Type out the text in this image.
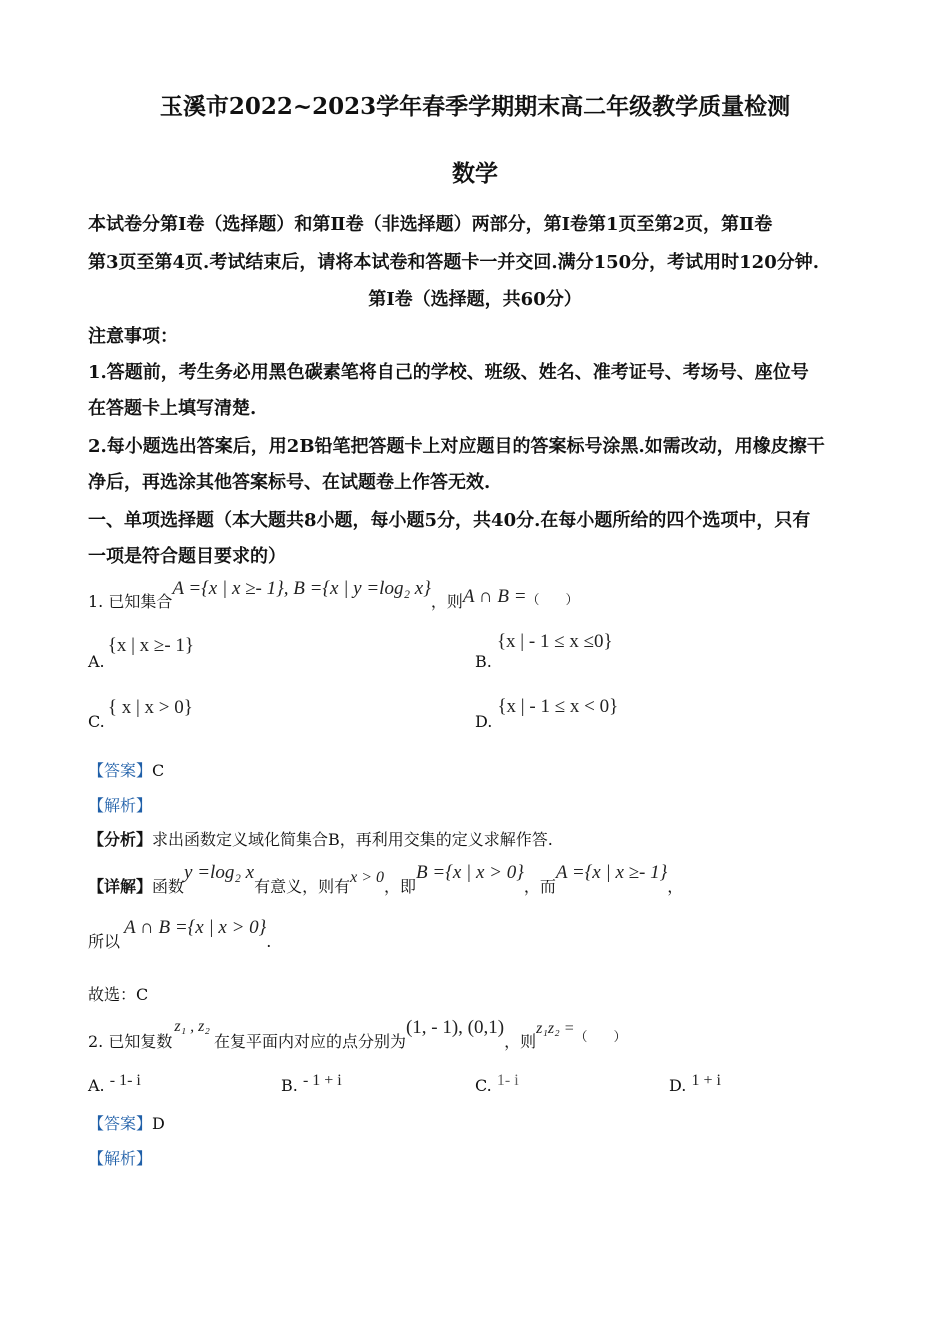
玉溪市2022~2023学年春季学期期末高二年级教学质量检测
数学
本试卷分第Ⅰ卷（选择题）和第Ⅱ卷（非选择题）两部分，第Ⅰ卷第1页至第2页，第Ⅱ卷
第3页至第4页.考试结束后，请将本试卷和答题卡一并交回.满分150分，考试用时120分钟.
第Ⅰ卷（选择题，共60分）
注意事项：
1.答题前，考生务必用黑色碳素笔将自己的学校、班级、姓名、准考证号、考场号、座位号
在答题卡上填写清楚.
2.每小题选出答案后，用2B铅笔把答题卡上对应题目的答案标号涂黑.如需改动，用橡皮擦干
净后，再选涂其他答案标号、在试题卷上作答无效.
一、单项选择题（本大题共8小题，每小题5分，共40分.在每小题所给的四个选项中，只有
一项是符合题目要求的）
1. 已知集合A ={x | x ≥- 1}, B ={x | y =log₂ x}，则A ∩ $B =_{( )}$
A. {x | x ≥- 1}
B. {x | - 1 ≤ x ≤0}
C. { x | x > 0}
D. {x | - 1 ≤ x < 0}
【答案】C
【解析】
【分析】求出函数定义域化简集合B，再利用交集的定义求解作答.
【详解】函数y =log₂ x有意义，则有x > 0，即B ={x | x > 0}，而A ={x | x ≥- 1}，
所以A ∩ B ={x | x > 0}.
故选：C
2. 已知复数z₁ , z₂在复平面内对应的点分别为(1, - 1), (0,1)，则$z_1z_2 =_{( )}$
A. - 1- i	B. - 1 + i	C. 1- i	D. 1 + i
【答案】D
【解析】
